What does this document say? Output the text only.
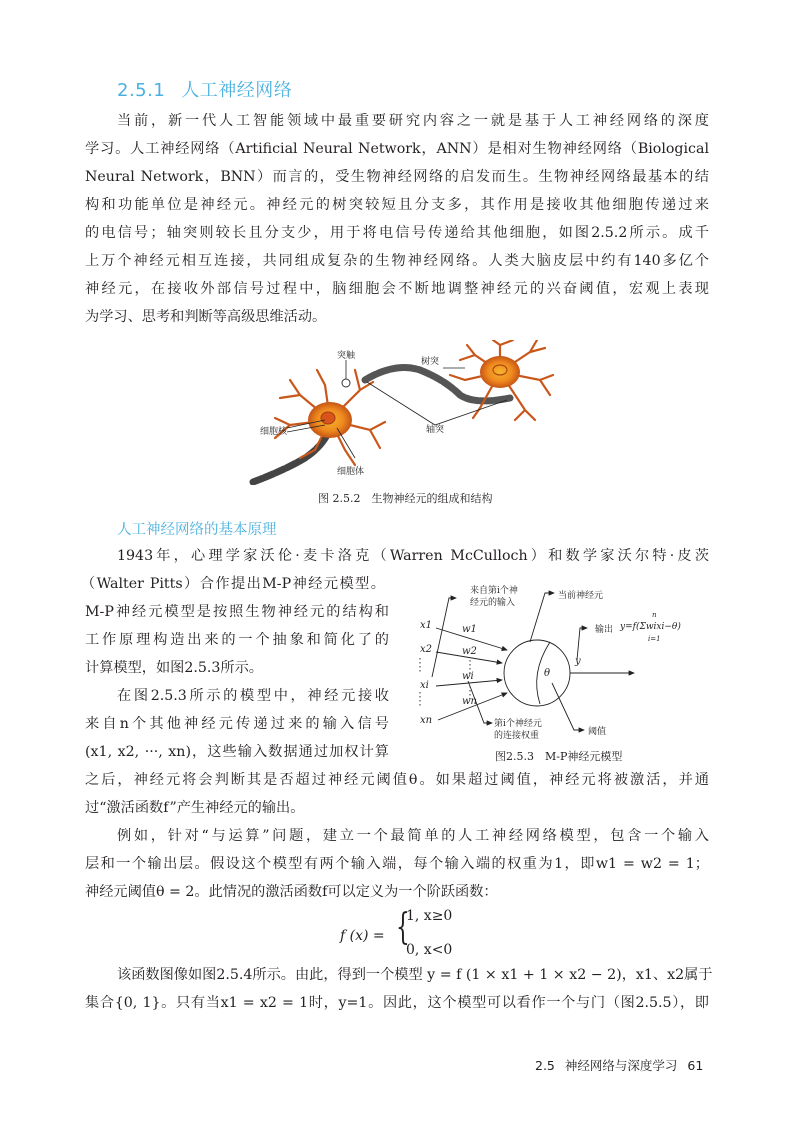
2.5.1 人工神经网络
当前，新一代人工智能领域中最重要研究内容之一就是基于人工神经网络的深度
学习。人工神经网络（Artificial Neural Network，ANN）是相对生物神经网络（Biological
Neural Network，BNN）而言的，受生物神经网络的启发而生。生物神经网络最基本的结
构和功能单位是神经元。神经元的树突较短且分支多，其作用是接收其他细胞传递过来
的电信号；轴突则较长且分支少，用于将电信号传递给其他细胞，如图2.5.2所示。成千
上万个神经元相互连接，共同组成复杂的生物神经网络。人类大脑皮层中约有140多亿个
神经元，在接收外部信号过程中，脑细胞会不断地调整神经元的兴奋阈值，宏观上表现
为学习、思考和判断等高级思维活动。
突触
树突
细胞核	轴突
细胞体
图 2.5.2　生物神经元的组成和结构
人工神经网络的基本原理
1943年，心理学家沃伦·麦卡洛克（Warren McCulloch）和数学家沃尔特·皮茨
（Walter Pitts）合作提出M-P神经元模型。
M-P神经元模型是按照生物神经元的结构和
工作原理构造出来的一个抽象和简化了的
计算模型，如图2.5.3所示。
在图2.5.3所示的模型中，神经元接收
来自n个其他神经元传递过来的输入信号
(x1, x2, ···, xn)，这些输入数据通过加权计算
来自第i个神
经元的输入
当前神经元
输出 y=f(Σwixi−θ)
n
i=1
第i个神经元
的连接权重	阈值
θ
y
x1
x2
xi
xn
w1
w2
wi
wn
图2.5.3　M-P神经元模型
之后，神经元将会判断其是否超过神经元阈值θ。如果超过阈值，神经元将被激活，并通
过“激活函数f”产生神经元的输出。
例如，针对“与运算”问题，建立一个最简单的人工神经网络模型，包含一个输入
层和一个输出层。假设这个模型有两个输入端，每个输入端的权重为1，即w1 = w2 = 1；
神经元阈值θ = 2。此情况的激活函数f可以定义为一个阶跃函数：
f (x) = {
1, x≥0
0, x<0
该函数图像如图2.5.4所示。由此，得到一个模型 y = f (1 × x1 + 1 × x2 − 2)，x1、x2属于
集合{0, 1}。只有当x1 = x2 = 1时，y=1。因此，这个模型可以看作一个与门（图2.5.5），即
2.5 神经网络与深度学习 61
